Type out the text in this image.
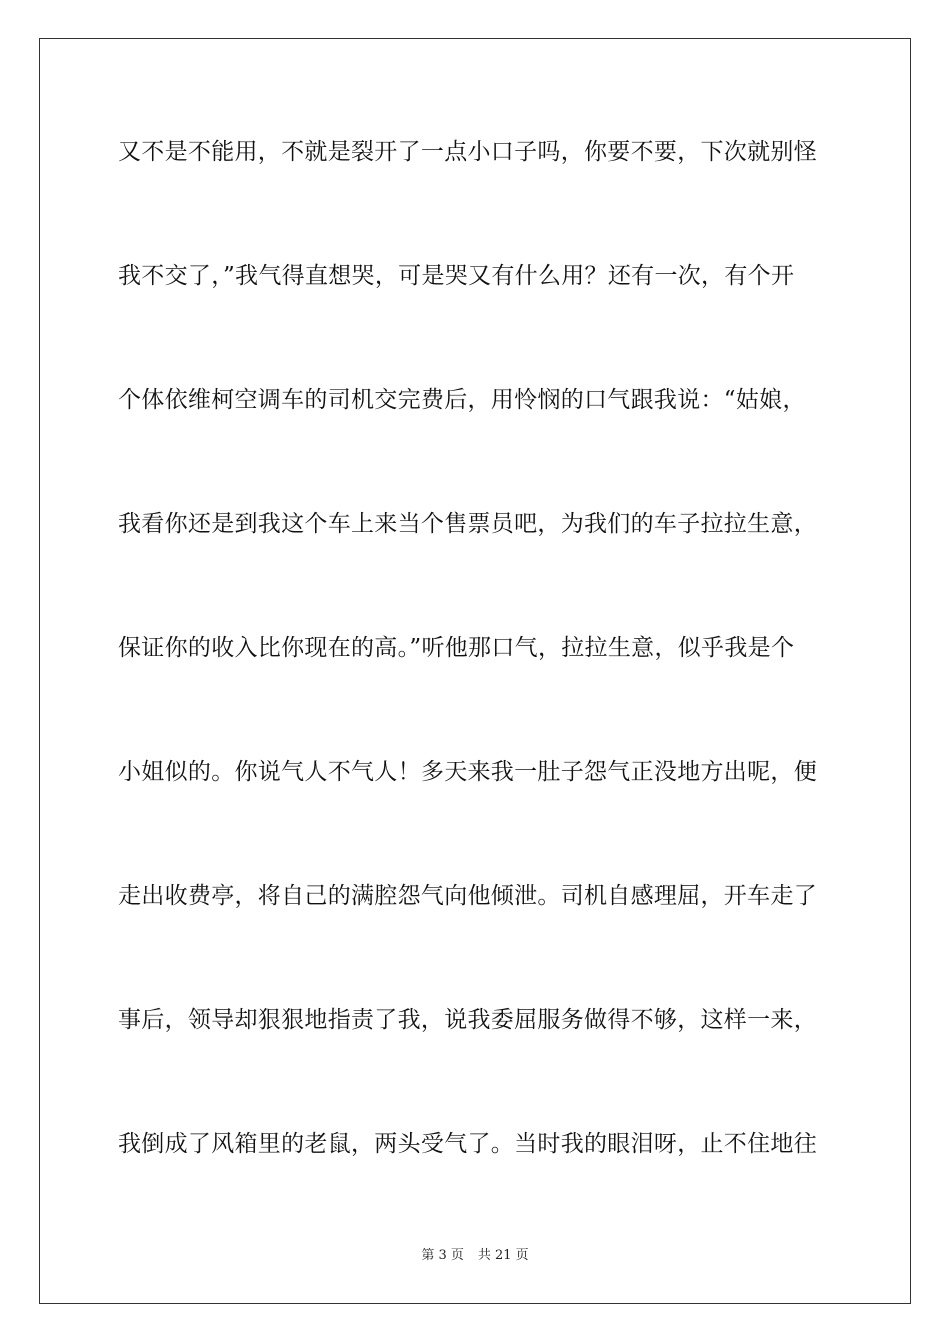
又不是不能用，不就是裂开了一点小口子吗，你要不要，下次就别怪
我不交了，”我气得直想哭，可是哭又有什么用？还有一次，有个开
个体依维柯空调车的司机交完费后，用怜悯的口气跟我说：“姑娘，
我看你还是到我这个车上来当个售票员吧，为我们的车子拉拉生意，
保证你的收入比你现在的高。”听他那口气，拉拉生意，似乎我是个
小姐似的。你说气人不气人！多天来我一肚子怨气正没地方出呢，便
走出收费亭，将自己的满腔怨气向他倾泄。司机自感理屈，开车走了
事后，领导却狠狠地指责了我，说我委屈服务做得不够，这样一来，
我倒成了风箱里的老鼠，两头受气了。当时我的眼泪呀，止不住地往
第 3 页 共 21 页
